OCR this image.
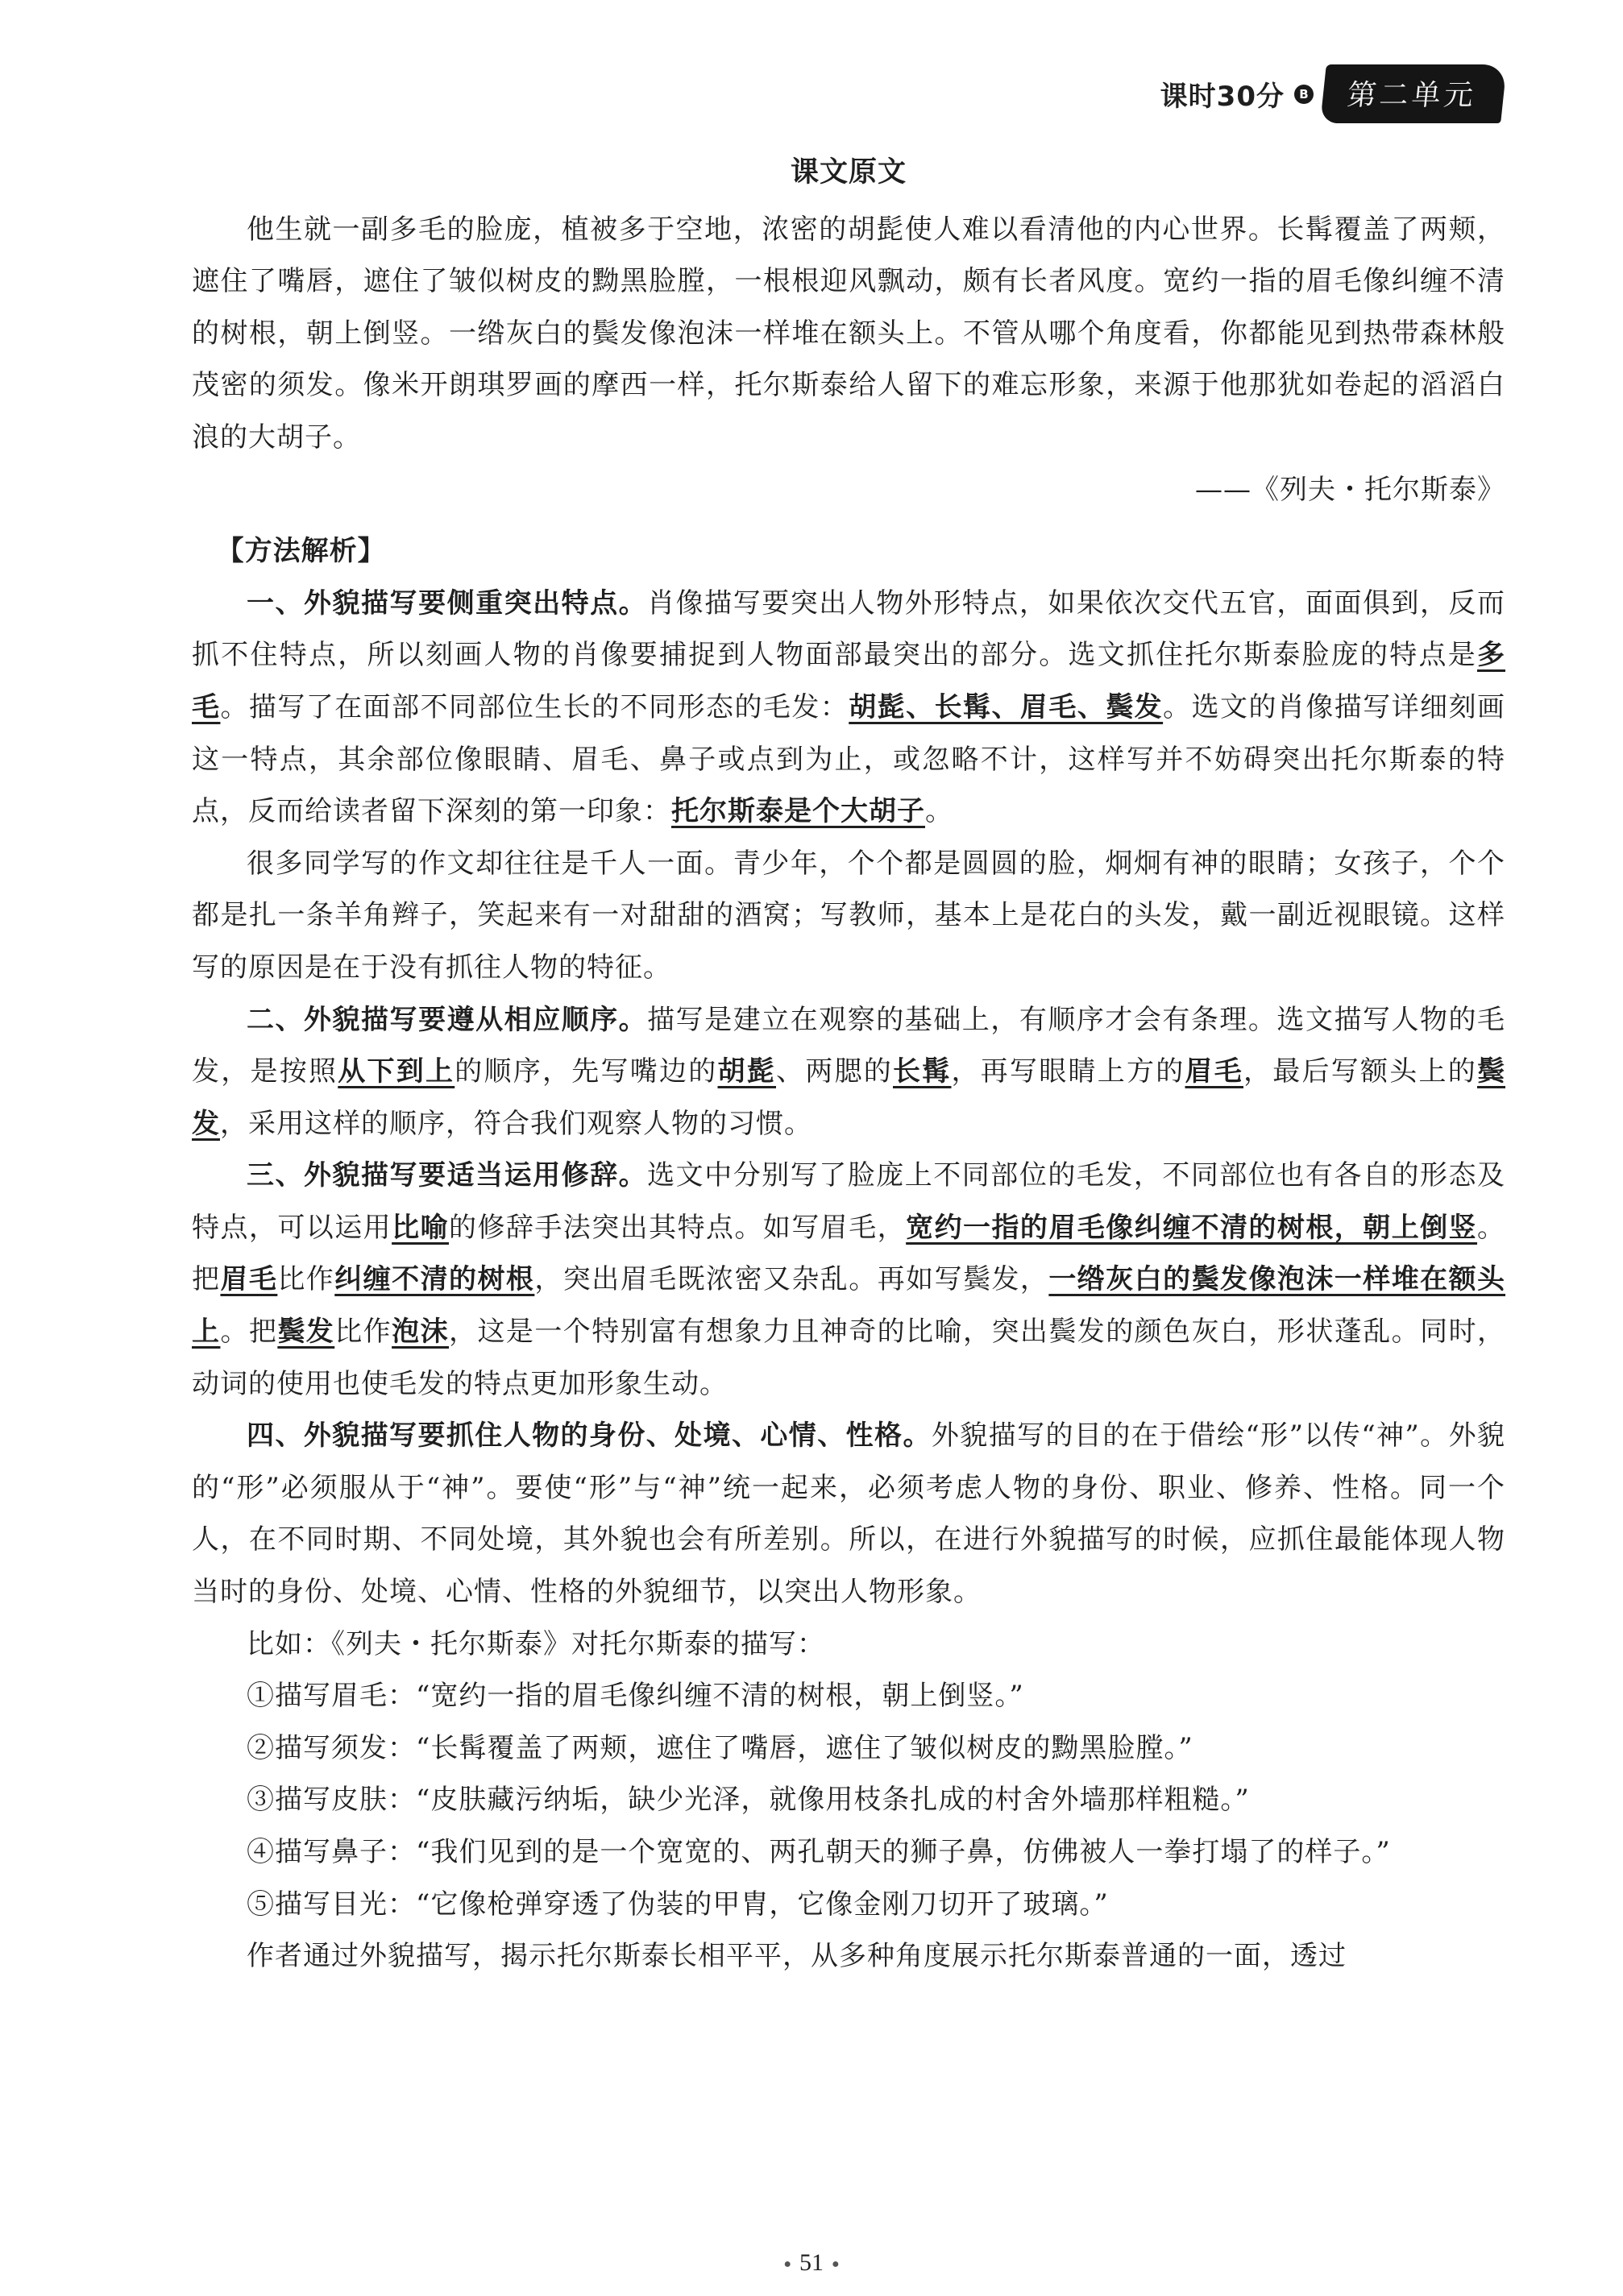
课时30分	B	第二单元
课文原文

他生就一副多毛的脸庞，植被多于空地，浓密的胡髭使人难以看清他的内心世界。长髯覆盖了两颊，遮住了嘴唇，遮住了皱似树皮的黝黑脸膛，一根根迎风飘动，颇有长者风度。宽约一指的眉毛像纠缠不清的树根，朝上倒竖。一绺灰白的鬓发像泡沫一样堆在额头上。不管从哪个角度看，你都能见到热带森林般茂密的须发。像米开朗琪罗画的摩西一样，托尔斯泰给人留下的难忘形象，来源于他那犹如卷起的滔滔白浪的大胡子。

——《列夫・托尔斯泰》

【方法解析】

一、外貌描写要侧重突出特点。肖像描写要突出人物外形特点，如果依次交代五官，面面俱到，反而抓不住特点，所以刻画人物的肖像要捕捉到人物面部最突出的部分。选文抓住托尔斯泰脸庞的特点是多毛。描写了在面部不同部位生长的不同形态的毛发：胡髭、长髯、眉毛、鬓发。选文的肖像描写详细刻画这一特点，其余部位像眼睛、眉毛、鼻子或点到为止，或忽略不计，这样写并不妨碍突出托尔斯泰的特点，反而给读者留下深刻的第一印象：托尔斯泰是个大胡子。

很多同学写的作文却往往是千人一面。青少年，个个都是圆圆的脸，炯炯有神的眼睛；女孩子，个个都是扎一条羊角辫子，笑起来有一对甜甜的酒窝；写教师，基本上是花白的头发，戴一副近视眼镜。这样写的原因是在于没有抓往人物的特征。

二、外貌描写要遵从相应顺序。描写是建立在观察的基础上，有顺序才会有条理。选文描写人物的毛发，是按照从下到上的顺序，先写嘴边的胡髭、两腮的长髯，再写眼睛上方的眉毛，最后写额头上的鬓发，采用这样的顺序，符合我们观察人物的习惯。

三、外貌描写要适当运用修辞。选文中分别写了脸庞上不同部位的毛发，不同部位也有各自的形态及特点，可以运用比喻的修辞手法突出其特点。如写眉毛，宽约一指的眉毛像纠缠不清的树根，朝上倒竖。把眉毛比作纠缠不清的树根，突出眉毛既浓密又杂乱。再如写鬓发，一绺灰白的鬓发像泡沫一样堆在额头上。把鬓发比作泡沫，这是一个特别富有想象力且神奇的比喻，突出鬓发的颜色灰白，形状蓬乱。同时，动词的使用也使毛发的特点更加形象生动。

四、外貌描写要抓住人物的身份、处境、心情、性格。外貌描写的目的在于借绘“形”以传“神”。外貌的“形”必须服从于“神”。要使“形”与“神”统一起来，必须考虑人物的身份、职业、修养、性格。同一个人，在不同时期、不同处境，其外貌也会有所差别。所以，在进行外貌描写的时候，应抓住最能体现人物当时的身份、处境、心情、性格的外貌细节，以突出人物形象。

比如：《列夫・托尔斯泰》对托尔斯泰的描写：

①描写眉毛：“宽约一指的眉毛像纠缠不清的树根，朝上倒竖。”

②描写须发：“长髯覆盖了两颊，遮住了嘴唇，遮住了皱似树皮的黝黑脸膛。”

③描写皮肤：“皮肤藏污纳垢，缺少光泽，就像用枝条扎成的村舍外墙那样粗糙。”

④描写鼻子：“我们见到的是一个宽宽的、两孔朝天的狮子鼻，仿佛被人一拳打塌了的样子。”

⑤描写目光：“它像枪弹穿透了伪装的甲胄，它像金刚刀切开了玻璃。”

作者通过外貌描写，揭示托尔斯泰长相平平，从多种角度展示托尔斯泰普通的一面，透过

● 51 ●
